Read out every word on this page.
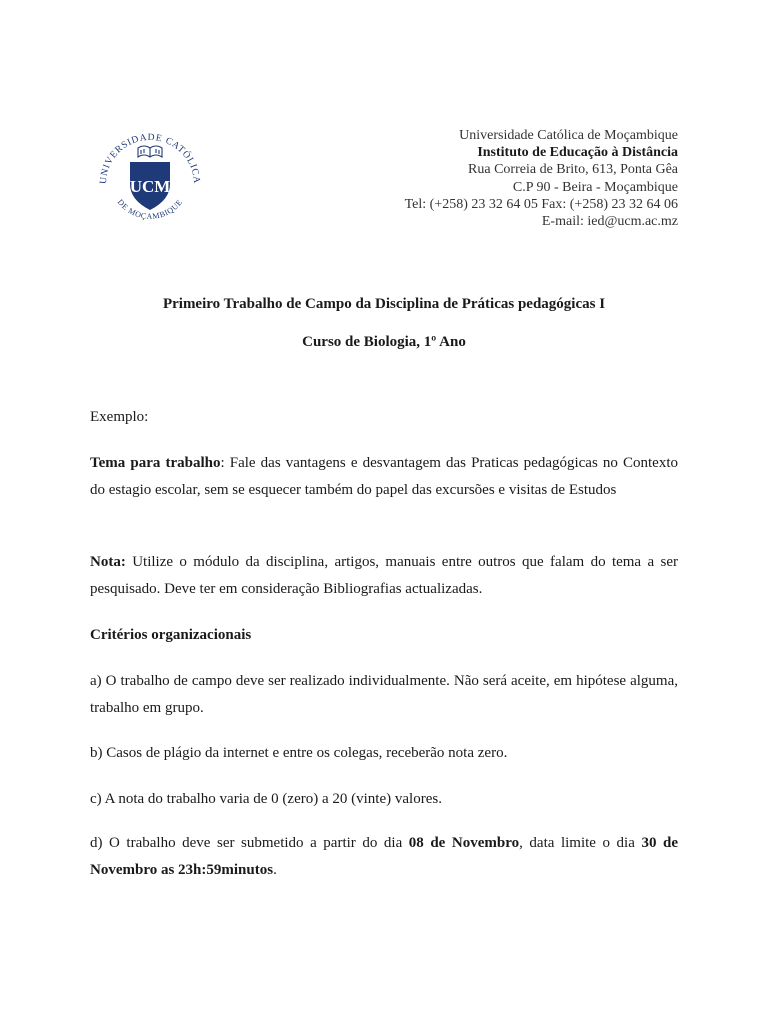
UNIVERSIDADE CATÓLICA
DE MOÇAMBIQUE
UCM
Universidade Católica de Moçambique
Instituto de Educação à Distância
Rua Correia de Brito, 613, Ponta Gêa
C.P 90 - Beira - Moçambique
Tel: (+258) 23 32 64 05 Fax: (+258) 23 32 64 06
E-mail: ied@ucm.ac.mz
Primeiro Trabalho de Campo da Disciplina de Práticas pedagógicas I
Curso de Biologia, 1º Ano
Exemplo:
Tema para trabalho: Fale das vantagens e desvantagem das Praticas pedagógicas no Contexto do estagio escolar, sem se esquecer também do papel das excursões e visitas de Estudos
Nota: Utilize o módulo da disciplina, artigos, manuais entre outros que falam do tema a ser pesquisado. Deve ter em consideração Bibliografias actualizadas.
Critérios organizacionais
a) O trabalho de campo deve ser realizado individualmente. Não será aceite, em hipótese alguma, trabalho em grupo.
b) Casos de plágio da internet e entre os colegas, receberão nota zero.
c) A nota do trabalho varia de 0 (zero) a 20 (vinte) valores.
d) O trabalho deve ser submetido a partir do dia 08 de Novembro, data limite o dia 30 de Novembro as 23h:59minutos.
